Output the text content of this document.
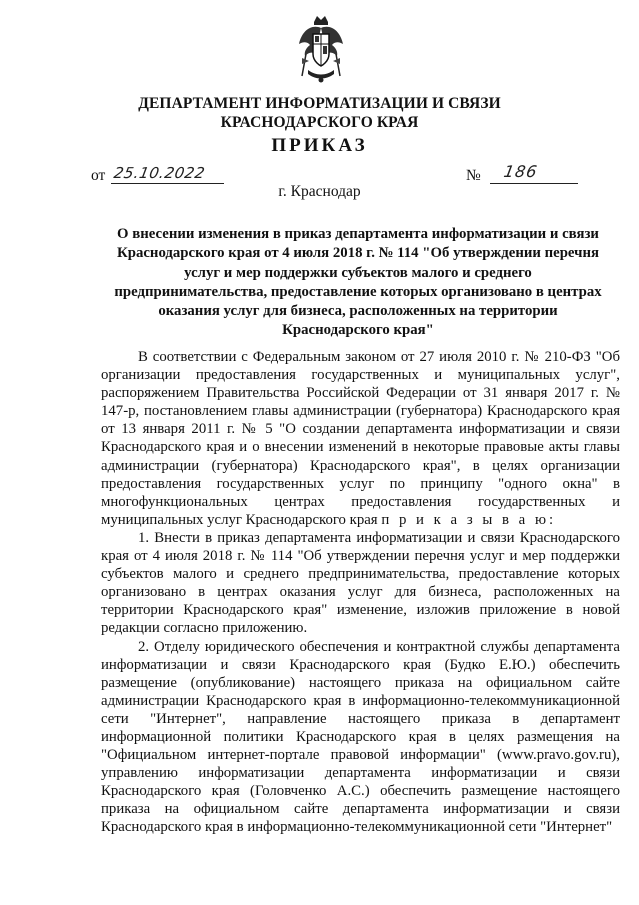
ДЕПАРТАМЕНТ ИНФОРМАТИЗАЦИИ И СВЯЗИ
КРАСНОДАРСКОГО КРАЯ
ПРИКАЗ
от 25.10.2022	№ 186
г. Краснодар
О внесении изменения в приказ департамента информатизации и связи Краснодарского края от 4 июля 2018 г. № 114 "Об утверждении перечня услуг и мер поддержки субъектов малого и среднего предпринимательства, предоставление которых организовано в центрах оказания услуг для бизнеса, расположенных на территории Краснодарского края"

В соответствии с Федеральным законом от 27 июля 2010 г. № 210-ФЗ "Об организации предоставления государственных и муниципальных услуг", распоряжением Правительства Российской Федерации от 31 января 2017 г. № 147-р, постановлением главы администрации (губернатора) Краснодарского края от 13 января 2011 г. № 5 "О создании департамента информатизации и связи Краснодарского края и о внесении изменений в некоторые правовые акты главы администрации (губернатора) Краснодарского края", в целях организации предоставления государственных услуг по принципу "одного окна" в многофункциональных центрах предоставления государственных и муниципальных услуг Краснодарского края п р и к а з ы в а ю:

1. Внести в приказ департамента информатизации и связи Краснодарского края от 4 июля 2018 г. № 114 "Об утверждении перечня услуг и мер поддержки субъектов малого и среднего предпринимательства, предоставление которых организовано в центрах оказания услуг для бизнеса, расположенных на территории Краснодарского края" изменение, изложив приложение в новой редакции согласно приложению.

2. Отделу юридического обеспечения и контрактной службы департамента информатизации и связи Краснодарского края (Будко Е.Ю.) обеспечить размещение (опубликование) настоящего приказа на официальном сайте администрации Краснодарского края в информационно-телекоммуникационной сети "Интернет", направление настоящего приказа в департамент информационной политики Краснодарского края в целях размещения на "Официальном интернет-портале правовой информации" (www.pravo.gov.ru), управлению информатизации департамента информатизации и связи Краснодарского края (Головченко А.С.) обеспечить размещение настоящего приказа на официальном сайте департамента информатизации и связи Краснодарского края в информационно-телекоммуникационной сети "Интернет"
